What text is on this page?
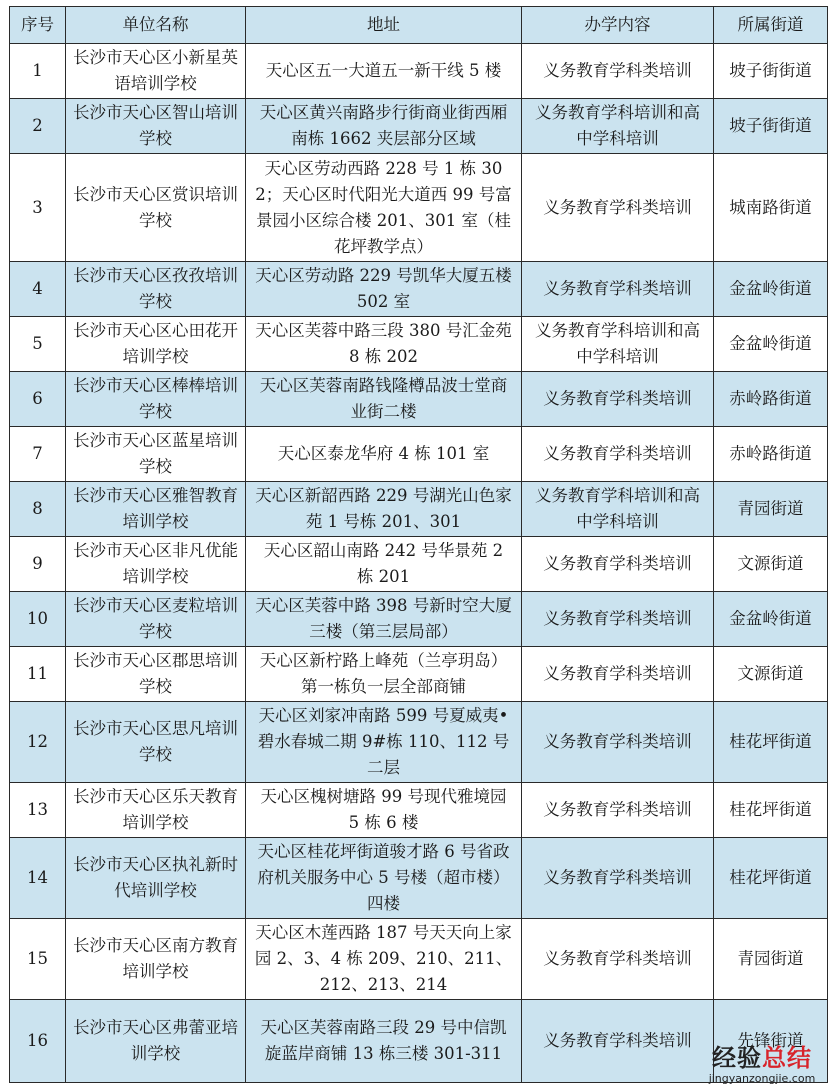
序号	单位名称	地址	办学内容	所属街道
1	长沙市天心区小新星英语培训学校	天心区五一大道五一新干线 5 楼	义务教育学科类培训	坡子街街道
2	长沙市天心区智山培训学校	天心区黄兴南路步行街商业街西厢南栋 1662 夹层部分区域	义务教育学科培训和高中学科培训	坡子街街道
3	长沙市天心区赏识培训学校	天心区劳动西路 228 号 1 栋 302；天心区时代阳光大道西 99 号富景园小区综合楼 201、301 室（桂花坪教学点）	义务教育学科类培训	城南路街道
4	长沙市天心区孜孜培训学校	天心区劳动路 229 号凯华大厦五楼 502 室	义务教育学科类培训	金盆岭街道
5	长沙市天心区心田花开培训学校	天心区芙蓉中路三段 380 号汇金苑 8 栋 202	义务教育学科培训和高中学科培训	金盆岭街道
6	长沙市天心区棒棒培训学校	天心区芙蓉南路钱隆樽品波士堂商业街二楼	义务教育学科类培训	赤岭路街道
7	长沙市天心区蓝星培训学校	天心区泰龙华府 4 栋 101 室	义务教育学科类培训	赤岭路街道
8	长沙市天心区雅智教育培训学校	天心区新韶西路 229 号湖光山色家苑 1 号栋 201、301	义务教育学科培训和高中学科培训	青园街道
9	长沙市天心区非凡优能培训学校	天心区韶山南路 242 号华景苑 2 栋 201	义务教育学科类培训	文源街道
10	长沙市天心区麦粒培训学校	天心区芙蓉中路 398 号新时空大厦三楼（第三层局部）	义务教育学科类培训	金盆岭街道
11	长沙市天心区郡思培训学校	天心区新柠路上峰苑（兰亭玥岛）第一栋负一层全部商铺	义务教育学科类培训	文源街道
12	长沙市天心区思凡培训学校	天心区刘家冲南路 599 号夏威夷•碧水春城二期 9#栋 110、112 号二层	义务教育学科类培训	桂花坪街道
13	长沙市天心区乐天教育培训学校	天心区槐树塘路 99 号现代雅境园 5 栋 6 楼	义务教育学科类培训	桂花坪街道
14	长沙市天心区执礼新时代培训学校	天心区桂花坪街道骏才路 6 号省政府机关服务中心 5 号楼（超市楼）四楼	义务教育学科类培训	桂花坪街道
15	长沙市天心区南方教育培训学校	天心区木莲西路 187 号天天向上家园 2、3、4 栋 209、210、211、212、213、214	义务教育学科类培训	青园街道
16	长沙市天心区弗蕾亚培训学校	天心区芙蓉南路三段 29 号中信凯旋蓝岸商铺 13 栋三楼 301-311	义务教育学科类培训	先锋街道
经验总结
jingyanzongjie.com
